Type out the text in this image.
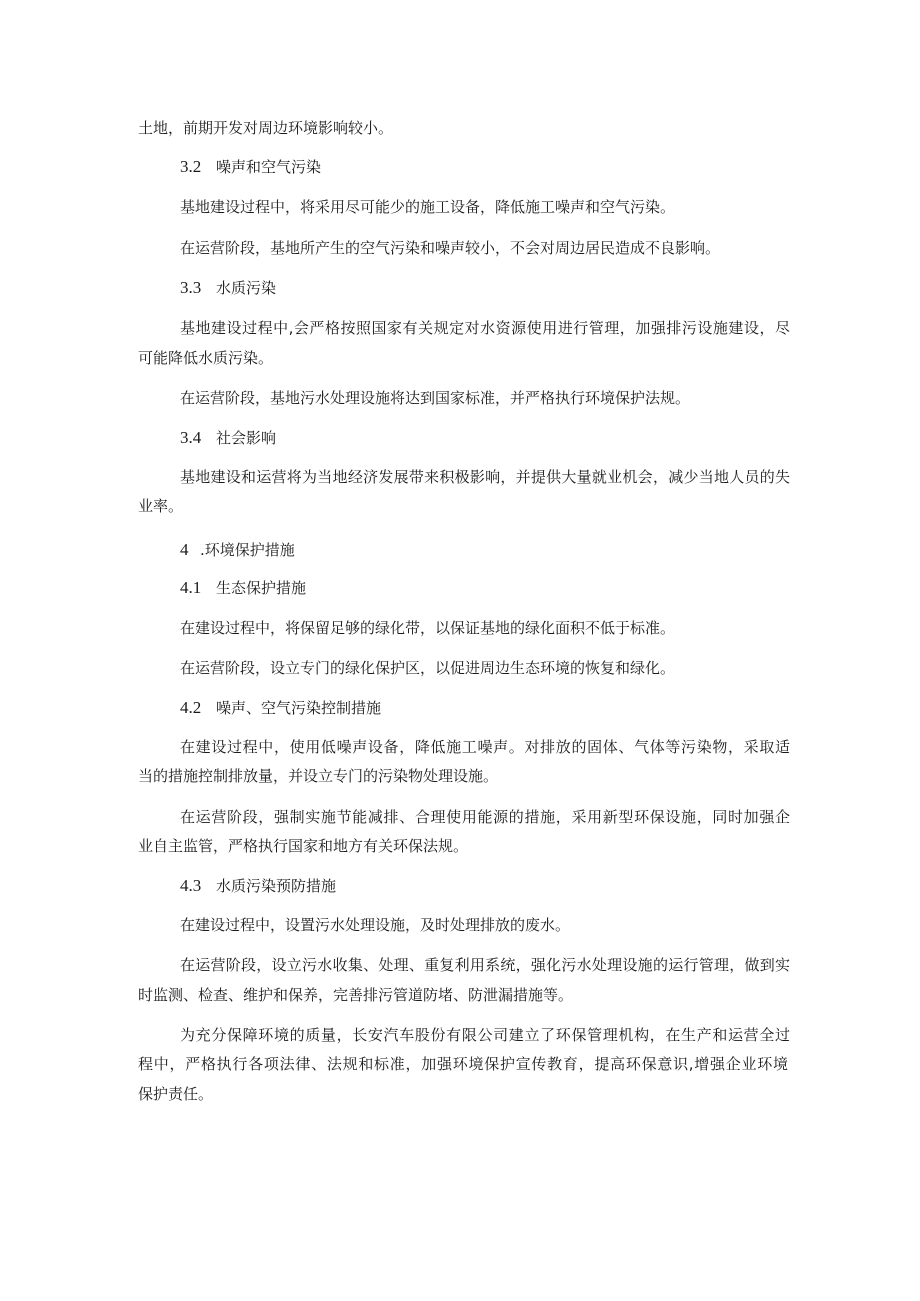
土地，前期开发对周边环境影响较小。
3.2 噪声和空气污染
基地建设过程中，将采用尽可能少的施工设备，降低施工噪声和空气污染。
在运营阶段，基地所产生的空气污染和噪声较小，不会对周边居民造成不良影响。
3.3 水质污染
基地建设过程中,会严格按照国家有关规定对水资源使用进行管理，加强排污设施建设，尽
可能降低水质污染。
在运营阶段，基地污水处理设施将达到国家标准，并严格执行环境保护法规。
3.4 社会影响
基地建设和运营将为当地经济发展带来积极影响，并提供大量就业机会，减少当地人员的失
业率。
4 .环境保护措施
4.1 生态保护措施
在建设过程中，将保留足够的绿化带，以保证基地的绿化面积不低于标准。
在运营阶段，设立专门的绿化保护区，以促进周边生态环境的恢复和绿化。
4.2 噪声、空气污染控制措施
在建设过程中，使用低噪声设备，降低施工噪声。对排放的固体、气体等污染物，采取适
当的措施控制排放量，并设立专门的污染物处理设施。
在运营阶段，强制实施节能减排、合理使用能源的措施，采用新型环保设施，同时加强企
业自主监管，严格执行国家和地方有关环保法规。
4.3 水质污染预防措施
在建设过程中，设置污水处理设施，及时处理排放的废水。
在运营阶段，设立污水收集、处理、重复利用系统，强化污水处理设施的运行管理，做到实
时监测、检查、维护和保养，完善排污管道防堵、防泄漏措施等。
为充分保障环境的质量，长安汽车股份有限公司建立了环保管理机构，在生产和运营全过
程中，严格执行各项法律、法规和标准，加强环境保护宣传教育，提高环保意识,增强企业环境
保护责任。
